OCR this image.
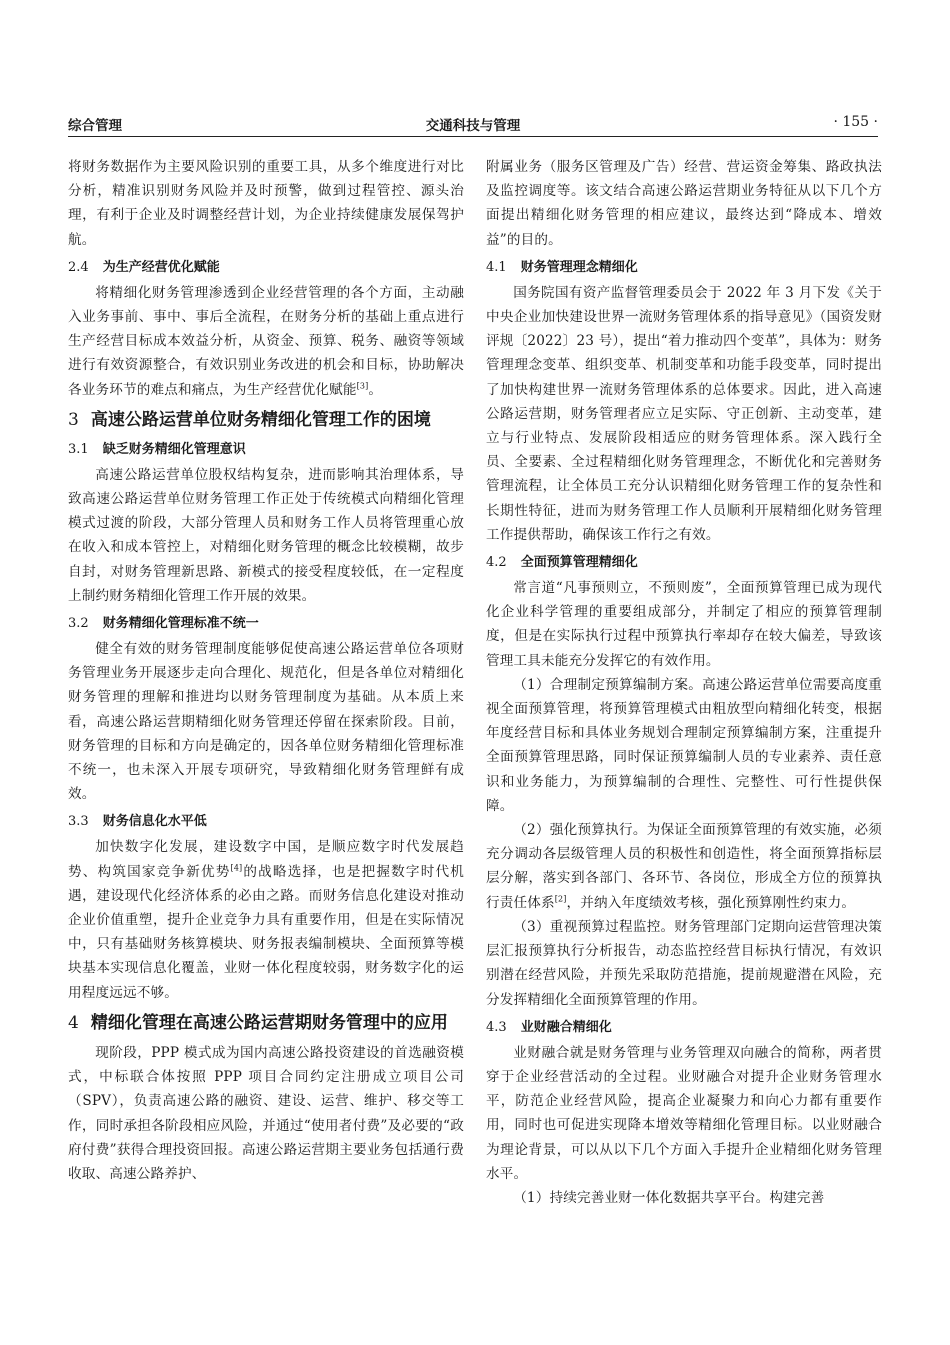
综合管理	交通科技与管理	· 155 ·

将财务数据作为主要风险识别的重要工具，从多个维度进行对比分析，精准识别财务风险并及时预警，做到过程管控、源头治理，有利于企业及时调整经营计划，为企业持续健康发展保驾护航。

2.4 为生产经营优化赋能

将精细化财务管理渗透到企业经营管理的各个方面，主动融入业务事前、事中、事后全流程，在财务分析的基础上重点进行生产经营目标成本效益分析，从资金、预算、税务、融资等领域进行有效资源整合，有效识别业务改进的机会和目标，协助解决各业务环节的难点和痛点，为生产经营优化赋能[3]。

3 高速公路运营单位财务精细化管理工作的困境
3.1 缺乏财务精细化管理意识

高速公路运营单位股权结构复杂，进而影响其治理体系，导致高速公路运营单位财务管理工作正处于传统模式向精细化管理模式过渡的阶段，大部分管理人员和财务工作人员将管理重心放在收入和成本管控上，对精细化财务管理的概念比较模糊，故步自封，对财务管理新思路、新模式的接受程度较低，在一定程度上制约财务精细化管理工作开展的效果。

3.2 财务精细化管理标准不统一

健全有效的财务管理制度能够促使高速公路运营单位各项财务管理业务开展逐步走向合理化、规范化，但是各单位对精细化财务管理的理解和推进均以财务管理制度为基础。从本质上来看，高速公路运营期精细化财务管理还停留在探索阶段。目前，财务管理的目标和方向是确定的，因各单位财务精细化管理标准不统一，也未深入开展专项研究，导致精细化财务管理鲜有成效。

3.3 财务信息化水平低

加快数字化发展，建设数字中国，是顺应数字时代发展趋势、构筑国家竞争新优势[4]的战略选择，也是把握数字时代机遇，建设现代化经济体系的必由之路。而财务信息化建设对推动企业价值重塑，提升企业竞争力具有重要作用，但是在实际情况中，只有基础财务核算模块、财务报表编制模块、全面预算等模块基本实现信息化覆盖，业财一体化程度较弱，财务数字化的运用程度远远不够。

4 精细化管理在高速公路运营期财务管理中的应用

现阶段，PPP 模式成为国内高速公路投资建设的首选融资模式，中标联合体按照 PPP 项目合同约定注册成立项目公司（SPV），负责高速公路的融资、建设、运营、维护、移交等工作，同时承担各阶段相应风险，并通过“使用者付费”及必要的“政府付费”获得合理投资回报。高速公路运营期主要业务包括通行费收取、高速公路养护、

附属业务（服务区管理及广告）经营、营运资金筹集、路政执法及监控调度等。该文结合高速公路运营期业务特征从以下几个方面提出精细化财务管理的相应建议，最终达到“降成本、增效益”的目的。

4.1 财务管理理念精细化

国务院国有资产监督管理委员会于 2022 年 3 月下发《关于中央企业加快建设世界一流财务管理体系的指导意见》（国资发财评规〔2022〕23 号），提出“着力推动四个变革”，具体为：财务管理理念变革、组织变革、机制变革和功能手段变革，同时提出了加快构建世界一流财务管理体系的总体要求。因此，进入高速公路运营期，财务管理者应立足实际、守正创新、主动变革，建立与行业特点、发展阶段相适应的财务管理体系。深入践行全员、全要素、全过程精细化财务管理理念，不断优化和完善财务管理流程，让全体员工充分认识精细化财务管理工作的复杂性和长期性特征，进而为财务管理工作人员顺利开展精细化财务管理工作提供帮助，确保该工作行之有效。

4.2 全面预算管理精细化

常言道“凡事预则立，不预则废”，全面预算管理已成为现代化企业科学管理的重要组成部分，并制定了相应的预算管理制度，但是在实际执行过程中预算执行率却存在较大偏差，导致该管理工具未能充分发挥它的有效作用。

（1）合理制定预算编制方案。高速公路运营单位需要高度重视全面预算管理，将预算管理模式由粗放型向精细化转变，根据年度经营目标和具体业务规划合理制定预算编制方案，注重提升全面预算管理思路，同时保证预算编制人员的专业素养、责任意识和业务能力，为预算编制的合理性、完整性、可行性提供保障。

（2）强化预算执行。为保证全面预算管理的有效实施，必须充分调动各层级管理人员的积极性和创造性，将全面预算指标层层分解，落实到各部门、各环节、各岗位，形成全方位的预算执行责任体系[2]，并纳入年度绩效考核，强化预算刚性约束力。

（3）重视预算过程监控。财务管理部门定期向运营管理决策层汇报预算执行分析报告，动态监控经营目标执行情况，有效识别潜在经营风险，并预先采取防范措施，提前规避潜在风险，充分发挥精细化全面预算管理的作用。

4.3 业财融合精细化

业财融合就是财务管理与业务管理双向融合的简称，两者贯穿于企业经营活动的全过程。业财融合对提升企业财务管理水平，防范企业经营风险，提高企业凝聚力和向心力都有重要作用，同时也可促进实现降本增效等精细化管理目标。以业财融合为理论背景，可以从以下几个方面入手提升企业精细化财务管理水平。

（1）持续完善业财一体化数据共享平台。构建完善
